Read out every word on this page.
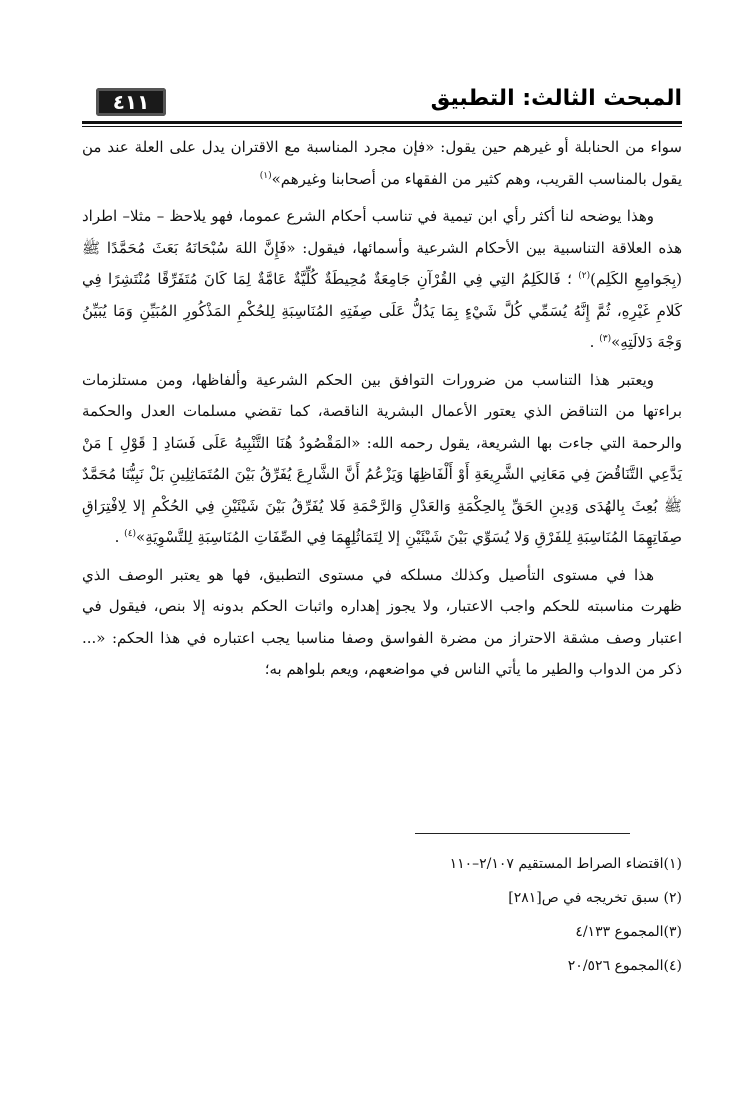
٤١١	المبحث الثالث: التطبيق

سواء من الحنابلة أو غيرهم حين يقول: «فإن مجرد المناسبة مع الاقتران يدل على العلة عند من يقول بالمناسب القريب، وهم كثير من الفقهاء من أصحابنا وغيرهم»$^{(١)}$

وهذا يوضحه لنا أكثر رأي ابن تيمية في تناسب أحكام الشرع عموما، فهو يلاحظ – مثلا– اطراد هذه العلاقة التناسبية بين الأحكام الشرعية وأسمائها، فيقول: «فَإِنَّ اللهَ سُبْحَانَهُ بَعَثَ مُحَمَّدًا ﷺ (بِجَوامِعِ الكَلِم)$^{(٢)}$ ؛ فَالكَلِمُ التِي فِي القُرْآنِ جَامِعَةٌ مُحِيطَةٌ كُلِّيَّةٌ عَامَّةٌ لِمَا كَانَ مُتَفَرِّقًا مُنْتَشِرًا فِي كَلامِ غَيْرِهِ، ثُمَّ إِنَّهُ يُسَمِّي كُلَّ شَيْءٍ بِمَا يَدُلُّ عَلَى صِفَتِهِ المُنَاسِبَةِ لِلحُكْمِ المَذْكُورِ المُبَيِّنِ وَمَا يُبَيِّنُ وَجْهَ دَلالَتِهِ»$^{(٣)}$ .

ويعتبر هذا التناسب من ضرورات التوافق بين الحكم الشرعية وألفاظها، ومن مستلزمات براءتها من التناقض الذي يعتور الأعمال البشرية الناقصة، كما تقضي مسلمات العدل والحكمة والرحمة التي جاءت بها الشريعة، يقول رحمه الله: «المَقْصُودُ هُنَا التَّنْبِيهُ عَلَى فَسَادِ [ قَوْلِ ] مَنْ يَدَّعِي التَّنَاقُضَ فِي مَعَانِي الشَّرِيعَةِ أَوْ أَلْفَاظِهَا وَيَزْعُمُ أَنَّ الشَّارِعَ يُفَرِّقُ بَيْنَ المُتَمَاثِلِينِ بَلْ نَبِيُّنَا مُحَمَّدٌ ﷺ بُعِثَ بِالهُدَى وَدِينِ الحَقِّ بِالحِكْمَةِ وَالعَدْلِ وَالرَّحْمَةِ فَلا يُفَرِّقُ بَيْنَ شَيْئَيْنِ فِي الحُكْمِ إلا لِافْتِرَاقِ صِفَاتِهِمَا المُنَاسِبَةِ لِلفَرْقِ وَلا يُسَوِّي بَيْنَ شَيْئَيْنِ إلا لِتَمَاثُلِهِمَا فِي الصِّفَاتِ المُنَاسِبَةِ لِلتَّسْوِيَةِ»$^{(٤)}$ .

هذا في مستوى التأصيل وكذلك مسلكه في مستوى التطبيق، فها هو يعتبر الوصف الذي ظهرت مناسبته للحكم واجب الاعتبار، ولا يجوز إهداره واثبات الحكم بدونه إلا بنص، فيقول في اعتبار وصف مشقة الاحتراز من مضرة الفواسق وصفا مناسبا يجب اعتباره في هذا الحكم: «... ذكر من الدواب والطير ما يأتي الناس في مواضعهم، ويعم بلواهم به؛

(١)اقتضاء الصراط المستقيم ٢/١٠٧–١١٠
(٢) سبق تخريجه في ص[٢٨١]
(٣)المجموع ٤/١٣٣
(٤)المجموع ٢٠/٥٢٦
